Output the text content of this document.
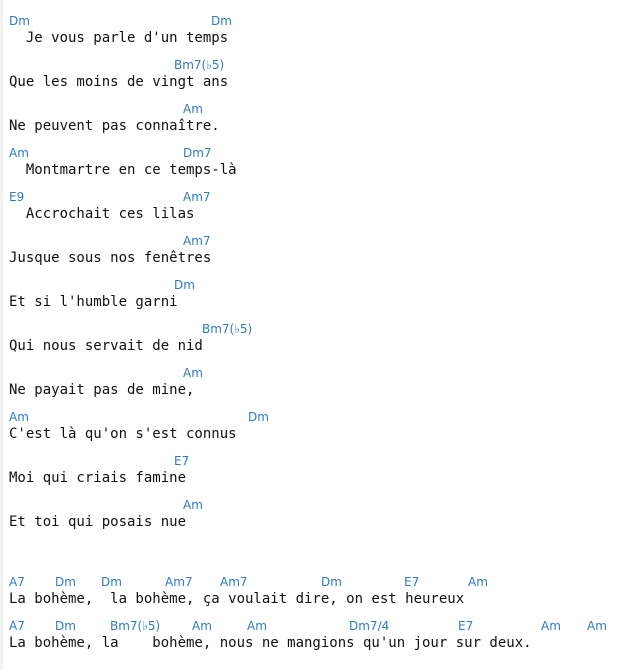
Dm	Dm
Je vous parle d'un temps
Bm7(♭5)
Que les moins de vingt ans
Am
Ne peuvent pas connaître.
Am	Dm7
Montmartre en ce temps-là
E9	Am7
Accrochait ces lilas
Am7
Jusque sous nos fenêtres
Dm
Et si l'humble garni
Bm7(♭5)
Qui nous servait de nid
Am
Ne payait pas de mine,
Am	Dm
C'est là qu'on s'est connus
E7
Moi qui criais famine
Am
Et toi qui posais nue
A7	Dm Dm	Am7 Am7	Dm	E7	Am
La bohème,  la bohème, ça voulait dire, on est heureux
A7	Dm	Bm7(♭5)	Am	Am	Dm7/4	E7	Am Am
La bohème, la    bohème, nous ne mangions qu'un jour sur deux.
